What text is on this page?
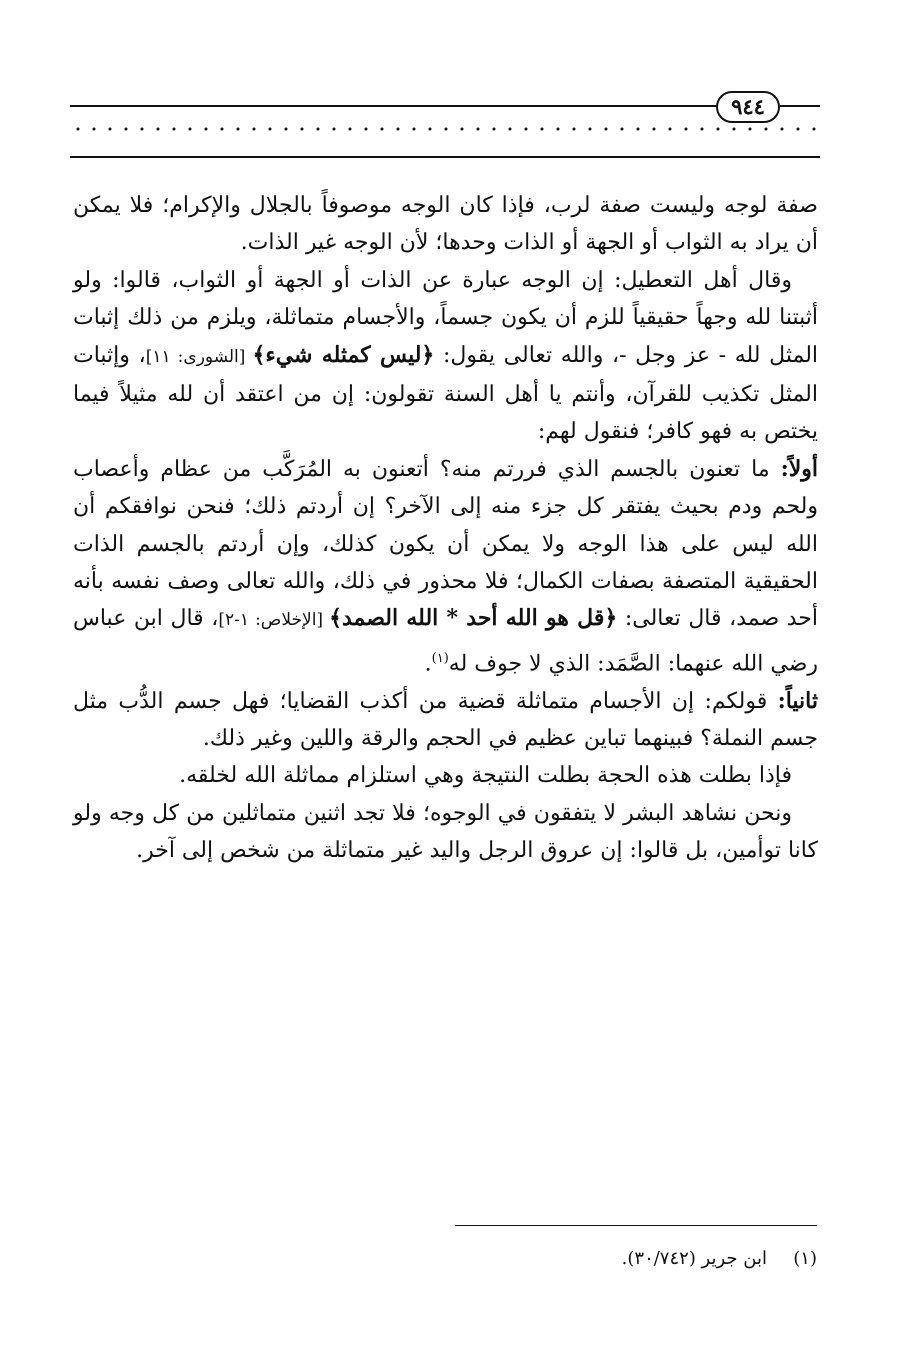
٩٤٤

صفة لوجه وليست صفة لرب، فإذا كان الوجه موصوفاً بالجلال والإكرام؛ فلا يمكن أن يراد به الثواب أو الجهة أو الذات وحدها؛ لأن الوجه غير الذات.

وقال أهل التعطيل: إن الوجه عبارة عن الذات أو الجهة أو الثواب، قالوا: ولو أثبتنا لله وجهاً حقيقياً للزم أن يكون جسماً، والأجسام متماثلة، ويلزم من ذلك إثبات المثل لله - عز وجل -، والله تعالى يقول: ﴿ليس كمثله شيء﴾ [الشورى: ١١]، وإثبات المثل تكذيب للقرآن، وأنتم يا أهل السنة تقولون: إن من اعتقد أن لله مثيلاً فيما يختص به فهو كافر؛ فنقول لهم:

أولاً: ما تعنون بالجسم الذي فررتم منه؟ أتعنون به المُرَكَّب من عظام وأعصاب ولحم ودم بحيث يفتقر كل جزء منه إلى الآخر؟ إن أردتم ذلك؛ فنحن نوافقكم أن الله ليس على هذا الوجه ولا يمكن أن يكون كذلك، وإن أردتم بالجسم الذات الحقيقية المتصفة بصفات الكمال؛ فلا محذور في ذلك، والله تعالى وصف نفسه بأنه أحد صمد، قال تعالى: ﴿قل هو الله أحد * الله الصمد﴾ [الإخلاص: ١-٢]، قال ابن عباس رضي الله عنهما: الصَّمَد: الذي لا جوف له$^{(١)}$.

ثانياً: قولكم: إن الأجسام متماثلة قضية من أكذب القضايا؛ فهل جسم الدُّب مثل جسم النملة؟ فبينهما تباين عظيم في الحجم والرقة واللين وغير ذلك.

فإذا بطلت هذه الحجة بطلت النتيجة وهي استلزام مماثلة الله لخلقه.

ونحن نشاهد البشر لا يتفقون في الوجوه؛ فلا تجد اثنين متماثلين من كل وجه ولو كانا توأمين، بل قالوا: إن عروق الرجل واليد غير متماثلة من شخص إلى آخر.

(١)
ابن جرير (٣٠/٧٤٢).
